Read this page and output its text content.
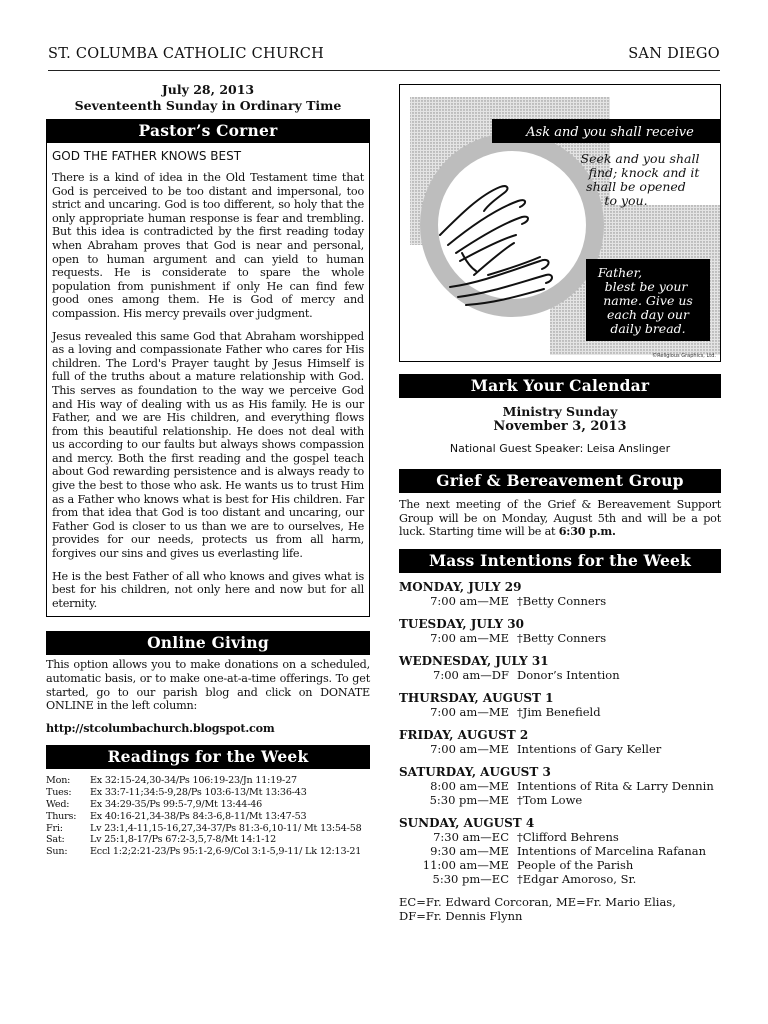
ST. COLUMBA CATHOLIC CHURCH	SAN DIEGO
July 28, 2013
Seventeenth Sunday in Ordinary Time
Pastor’s Corner
GOD THE FATHER KNOWS BEST

There is a kind of idea in the Old Testament time that God is perceived to be too distant and impersonal, too strict and uncaring. God is too different, so holy that the only appropriate human response is fear and trembling. But this idea is contradicted by the first reading today when Abraham proves that God is near and personal, open to human argument and can yield to human requests. He is considerate to spare the whole population from punishment if only He can find few good ones among them. He is God of mercy and compassion. His mercy prevails over judgment.

Jesus revealed this same God that Abraham worshipped as a loving and compassionate Father who cares for His children. The Lord's Prayer taught by Jesus Himself is full of the truths about a mature relationship with God. This serves as foundation to the way we perceive God and His way of dealing with us as His family. He is our Father, and we are His children, and everything flows from this beautiful relationship. He does not deal with us according to our faults but always shows compassion and mercy. Both the first reading and the gospel teach about God rewarding persistence and is always ready to give the best to those who ask. He wants us to trust Him as a Father who knows what is best for His children. Far from that idea that God is too distant and uncaring, our Father God is closer to us than we are to ourselves, He provides for our needs, protects us from all harm, forgives our sins and gives us everlasting life.

He is the best Father of all who knows and gives what is best for his children, not only here and now but for all eternity.

Online Giving

This option allows you to make donations on a scheduled, automatic basis, or to make one-at-a-time offerings. To get started, go to our parish blog and click on DONATE ONLINE in the left column:

http://stcolumbachurch.blogspot.com

Readings for the Week
Mon:	Ex 32:15-24,30-34/Ps 106:19-23/Jn 11:19-27
Tues:	Ex 33:7-11;34:5-9,28/Ps 103:6-13/Mt 13:36-43
Wed:	Ex 34:29-35/Ps 99:5-7,9/Mt 13:44-46
Thurs:	Ex 40:16-21,34-38/Ps 84:3-6,8-11/Mt 13:47-53
Fri:	Lv 23:1,4-11,15-16,27,34-37/Ps 81:3-6,10-11/ Mt 13:54-58
Sat:	Lv 25:1,8-17/Ps 67:2-3,5,7-8/Mt 14:1-12
Sun:	Eccl 1:2;2:21-23/Ps 95:1-2,6-9/Col 3:1-5,9-11/ Lk 12:13-21
Ask and you shall receive
Seek and you shall
find; knock and it
shall be opened
to you.
Father,
blest be your
name. Give us
each day our
daily bread.
©Religious Graphics, Ltd.
Mark Your Calendar
Ministry Sunday
November 3, 2013
National Guest Speaker: Leisa Anslinger
Grief & Bereavement Group
The next meeting of the Grief & Bereavement Support Group will be on Monday, August 5th and will be a pot luck. Starting time will be at 6:30 p.m.
Mass Intentions for the Week
MONDAY, JULY 29
7:00 am—ME †Betty Conners
TUESDAY, JULY 30
7:00 am—ME †Betty Conners
WEDNESDAY, JULY 31
7:00 am—DF Donor’s Intention
THURSDAY, AUGUST 1
7:00 am—ME †Jim Benefield
FRIDAY, AUGUST 2
7:00 am—ME Intentions of Gary Keller
SATURDAY, AUGUST 3
8:00 am—ME Intentions of Rita & Larry Dennin
5:30 pm—ME †Tom Lowe
SUNDAY, AUGUST 4
7:30 am—EC †Clifford Behrens
9:30 am—ME Intentions of Marcelina Rafanan
11:00 am—ME People of the Parish
5:30 pm—EC †Edgar Amoroso, Sr.
EC=Fr. Edward Corcoran, ME=Fr. Mario Elias, DF=Fr. Dennis Flynn
